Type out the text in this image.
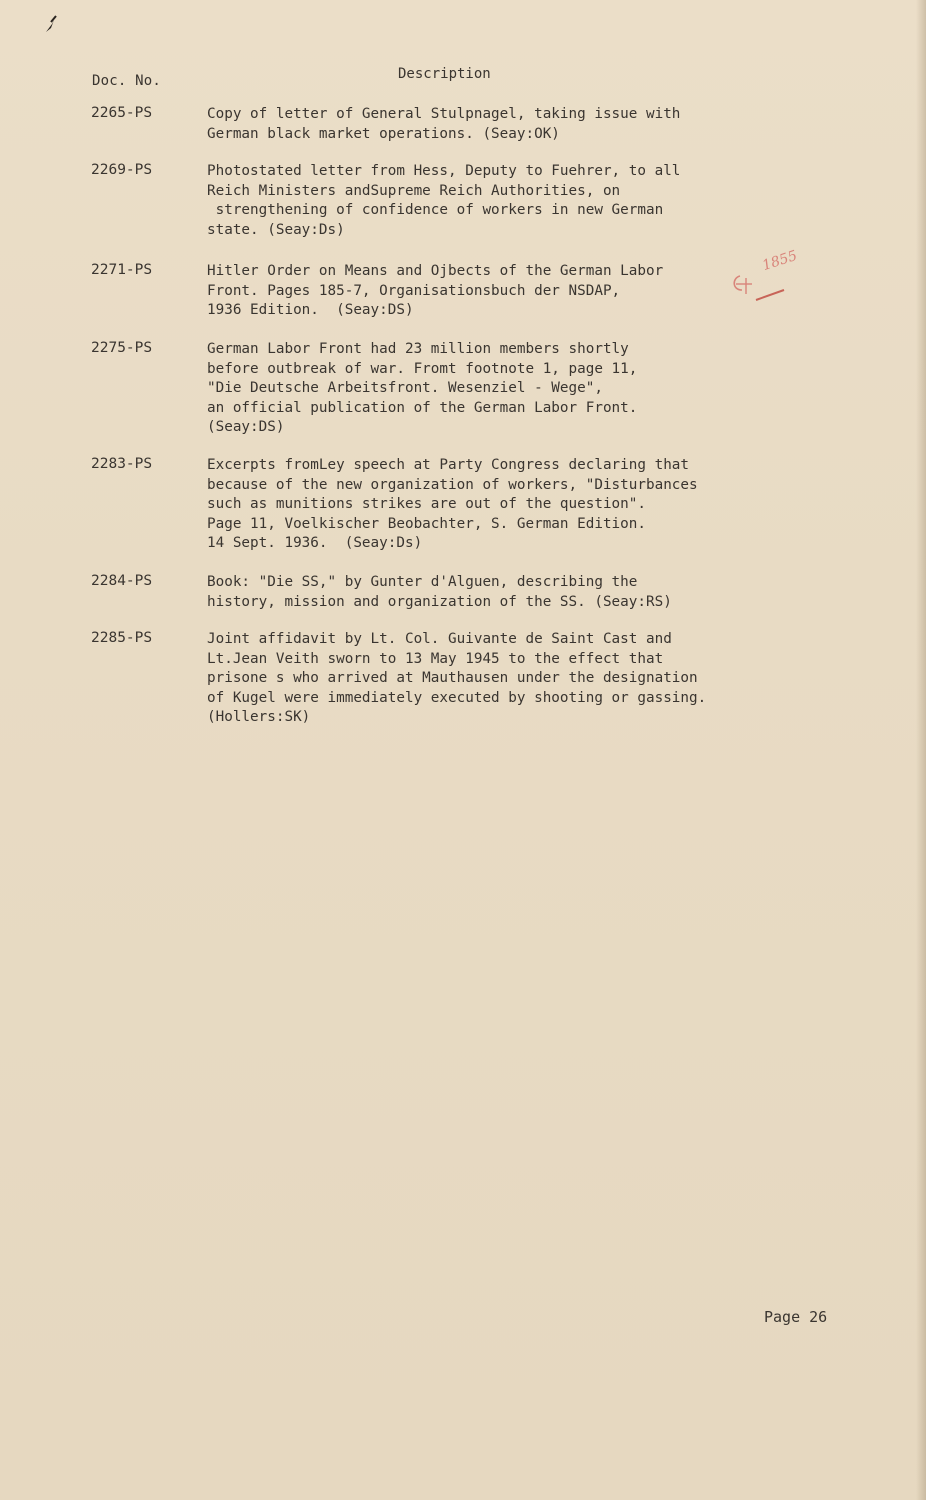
Doc. No.	Description
2265-PS	Copy of letter of General Stulpnagel, taking issue with
German black market operations. (Seay:OK)
2269-PS	Photostated letter from Hess, Deputy to Fuehrer, to all
Reich Ministers andSupreme Reich Authorities, on
strengthening of confidence of workers in new German
state. (Seay:Ds)
2271-PS	Hitler Order on Means and Ojbects of the German Labor
Front. Pages 185-7, Organisationsbuch der NSDAP,
1936 Edition.  (Seay:DS)
2275-PS	German Labor Front had 23 million members shortly
before outbreak of war. Fromt footnote 1, page 11,
"Die Deutsche Arbeitsfront. Wesenziel - Wege",
an official publication of the German Labor Front.
(Seay:DS)
2283-PS	Excerpts fromLey speech at Party Congress declaring that
because of the new organization of workers, "Disturbances
such as munitions strikes are out of the question".
Page 11, Voelkischer Beobachter, S. German Edition.
14 Sept. 1936.  (Seay:Ds)
2284-PS	Book: "Die SS," by Gunter d'Alguen, describing the
history, mission and organization of the SS. (Seay:RS)
2285-PS	Joint affidavit by Lt. Col. Guivante de Saint Cast and
Lt.Jean Veith sworn to 13 May 1945 to the effect that
prisone s who arrived at Mauthausen under the designation
of Kugel were immediately executed by shooting or gassing.
(Hollers:SK)
1855
Page 26
